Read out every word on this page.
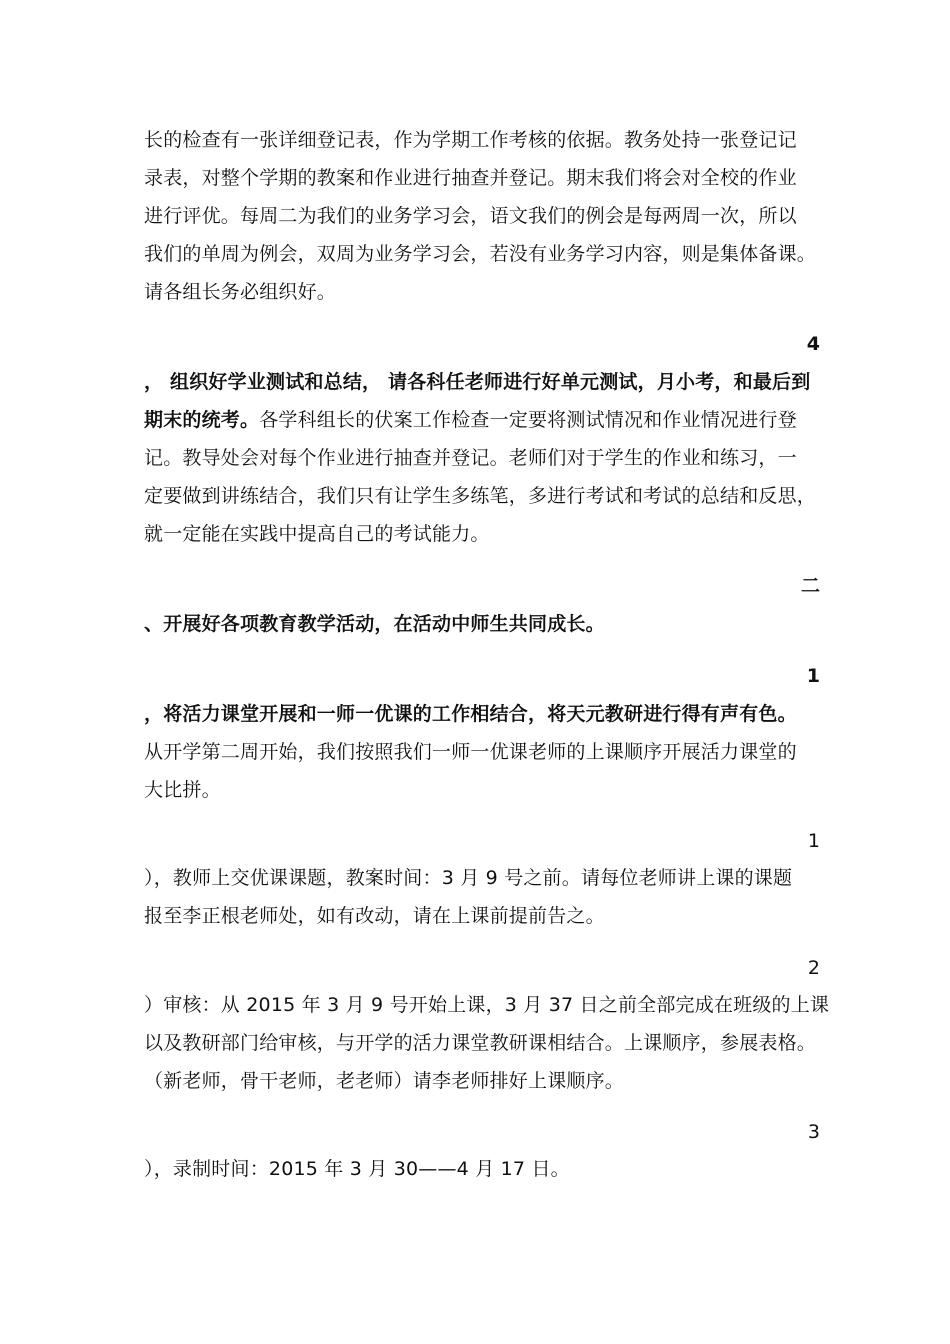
长的检查有一张详细登记表，作为学期工作考核的依据。教务处持一张登记记
录表，对整个学期的教案和作业进行抽查并登记。期末我们将会对全校的作业
进行评优。每周二为我们的业务学习会，语文我们的例会是每两周一次，所以
我们的单周为例会，双周为业务学习会，若没有业务学习内容，则是集体备课。
请各组长务必组织好。
4
， 组织好学业测试和总结， 请各科任老师进行好单元测试，月小考，和最后到
期末的统考。各学科组长的伏案工作检查一定要将测试情况和作业情况进行登
记。教导处会对每个作业进行抽查并登记。老师们对于学生的作业和练习，一
定要做到讲练结合，我们只有让学生多练笔，多进行考试和考试的总结和反思，
就一定能在实践中提高自己的考试能力。
二
、开展好各项教育教学活动，在活动中师生共同成长。
1
，将活力课堂开展和一师一优课的工作相结合，将天元教研进行得有声有色。
从开学第二周开始，我们按照我们一师一优课老师的上课顺序开展活力课堂的
大比拼。
1
），教师上交优课课题，教案时间：3 月 9 号之前。请每位老师讲上课的课题
报至李正根老师处，如有改动，请在上课前提前告之。
2
）审核：从 2015 年 3 月 9 号开始上课，3 月 37 日之前全部完成在班级的上课
以及教研部门给审核，与开学的活力课堂教研课相结合。上课顺序，参展表格。
（新老师，骨干老师，老老师）请李老师排好上课顺序。
3
），录制时间：2015 年 3 月 30——4 月 17 日。
